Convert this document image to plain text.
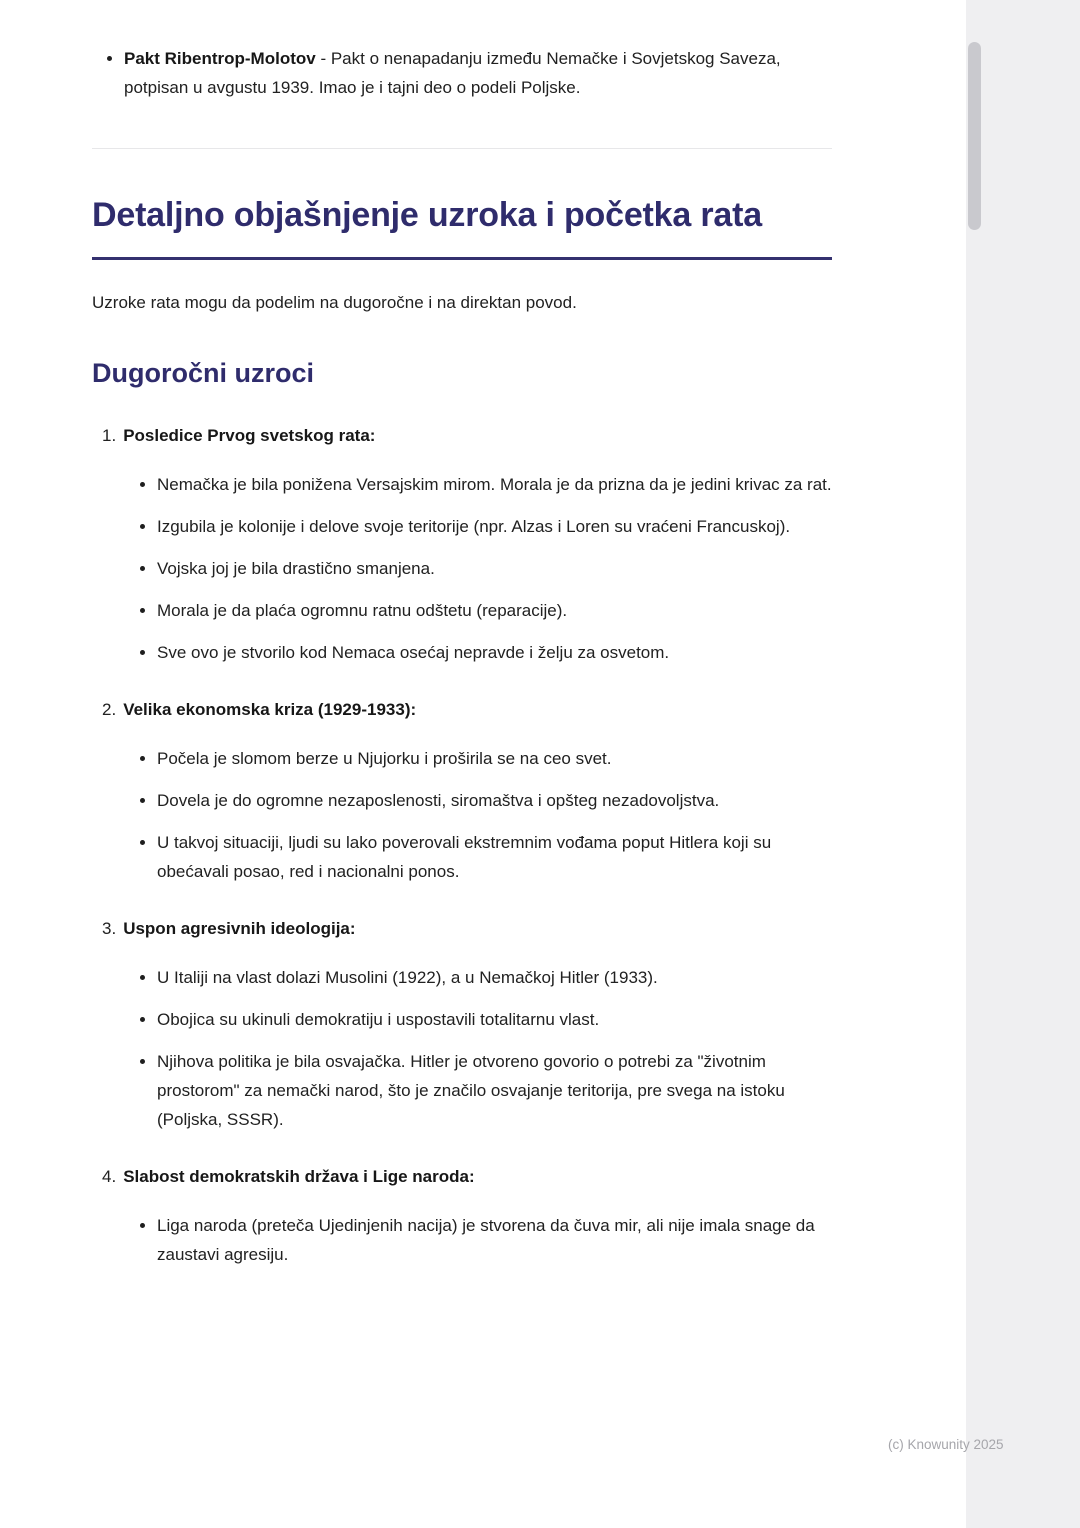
• Pakt Ribentrop-Molotov - Pakt o nenapadanju između Nemačke i Sovjetskog Saveza, potpisan u avgustu 1939. Imao je i tajni deo o podeli Poljske.
Detaljno objašnjenje uzroka i početka rata

Uzroke rata mogu da podelim na dugoročne i na direktan povod.

Dugoročni uzroci
1. Posledice Prvog svetskog rata:
• Nemačka je bila ponižena Versajskim mirom. Morala je da prizna da je jedini krivac za rat.
• Izgubila je kolonije i delove svoje teritorije (npr. Alzas i Loren su vraćeni Francuskoj).
• Vojska joj je bila drastično smanjena.
• Morala je da plaća ogromnu ratnu odštetu (reparacije).
• Sve ovo je stvorilo kod Nemaca osećaj nepravde i želju za osvetom.
2. Velika ekonomska kriza (1929-1933):
• Počela je slomom berze u Njujorku i proširila se na ceo svet.
• Dovela je do ogromne nezaposlenosti, siromaštva i opšteg nezadovoljstva.
• U takvoj situaciji, ljudi su lako poverovali ekstremnim vođama poput Hitlera koji su obećavali posao, red i nacionalni ponos.
3. Uspon agresivnih ideologija:
• U Italiji na vlast dolazi Musolini (1922), a u Nemačkoj Hitler (1933).
• Obojica su ukinuli demokratiju i uspostavili totalitarnu vlast.
• Njihova politika je bila osvajačka. Hitler je otvoreno govorio o potrebi za "životnim prostorom" za nemački narod, što je značilo osvajanje teritorija, pre svega na istoku (Poljska, SSSR).
4. Slabost demokratskih država i Lige naroda:
• Liga naroda (preteča Ujedinjenih nacija) je stvorena da čuva mir, ali nije imala snage da zaustavi agresiju.
(c) Knowunity 2025
